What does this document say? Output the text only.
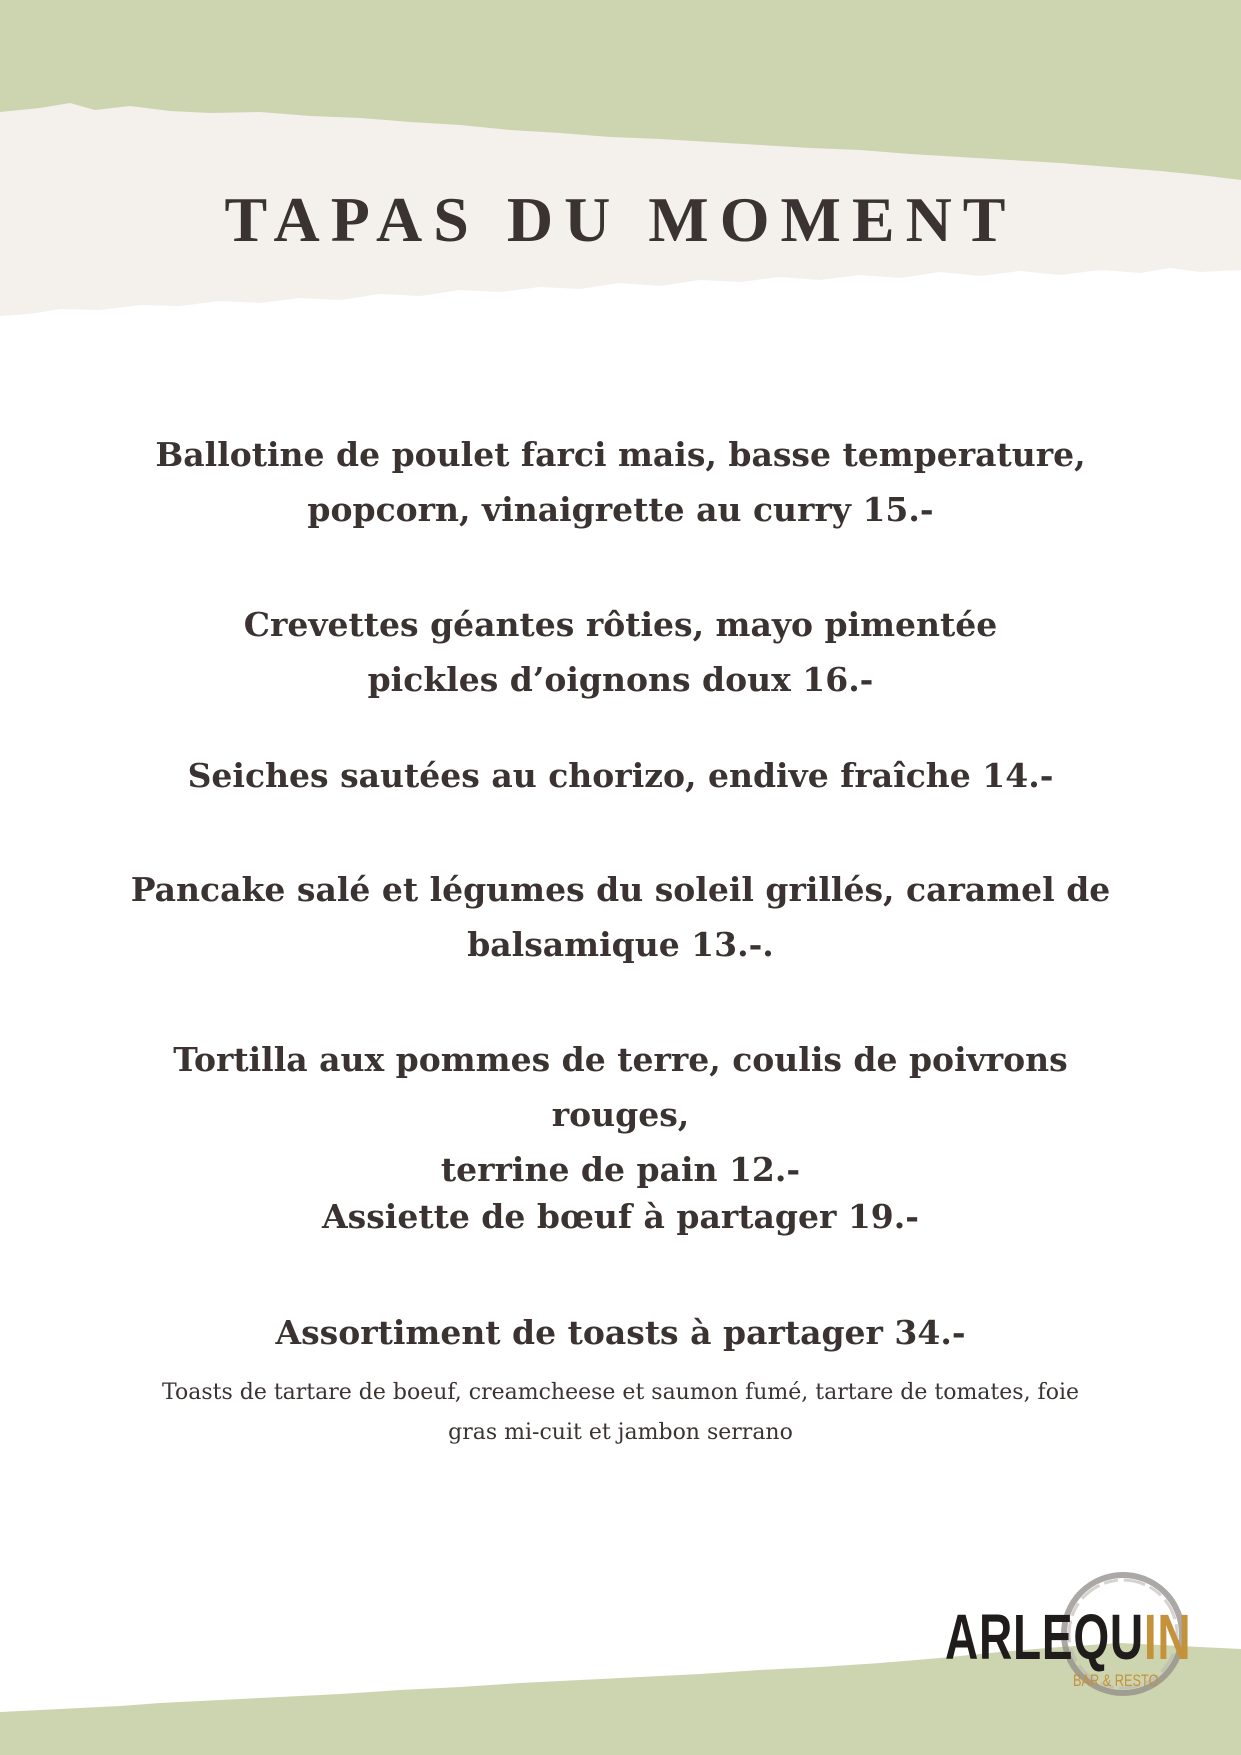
TAPAS DU MOMENT

Ballotine de poulet farci mais, basse temperature,
popcorn, vinaigrette au curry 15.-

Crevettes géantes rôties, mayo pimentée
pickles d’oignons doux 16.-

Seiches sautées au chorizo, endive fraîche 14.-

Pancake salé et légumes du soleil grillés, caramel de
balsamique 13.-.

Tortilla aux pommes de terre, coulis de poivrons rouges,
terrine de pain 12.-

Assiette de bœuf à partager 19.-

Assortiment de toasts à partager 34.-

Toasts de tartare de boeuf, creamcheese et saumon fumé, tartare de tomates, foie
gras mi-cuit et jambon serrano

ARLEQUIN
BAR & RESTO
